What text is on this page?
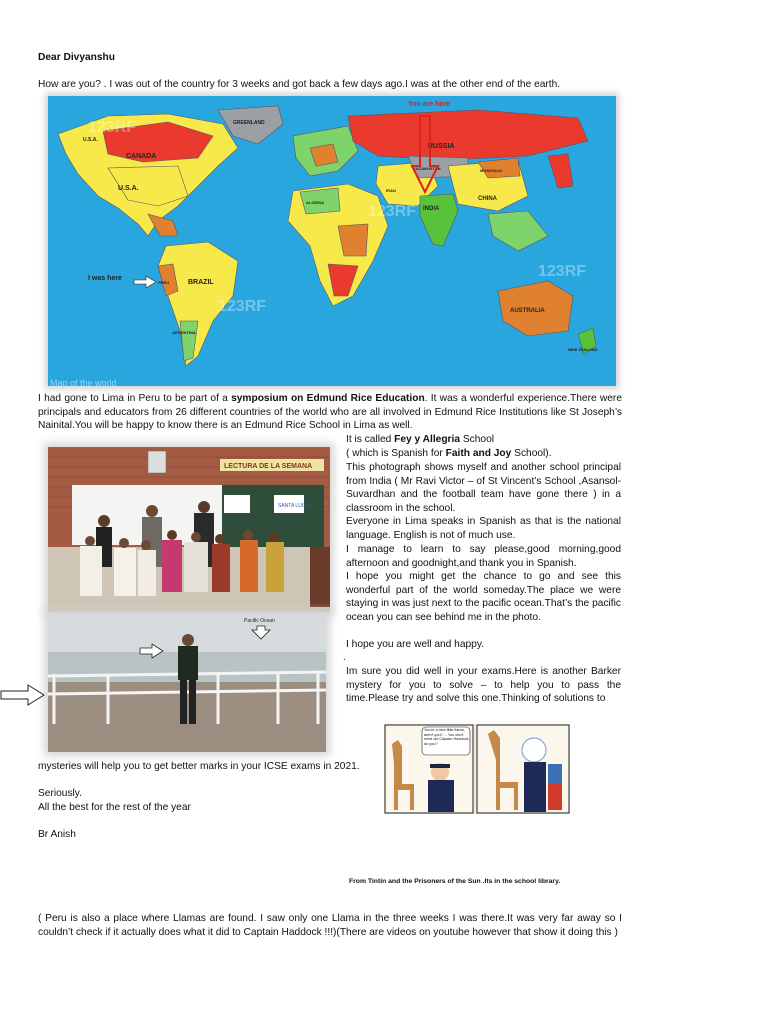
Dear Divyanshu

How are you? . I was out of the country for 3 weeks and got back a few days ago.I was at the other end of the earth.

CANADA
U.S.A.
U.S.A.
GREENLAND
RUSSIA
BRAZIL
INDIA
CHINA
AUSTRALIA
NEW ZEALAND
ARGENTINA
PERU
MONGOLIA
KAZAKHSTAN
IRAN
ALGERIA
123RF
123RF
123RF
123RF
You are here
I was here
Map of the world

I had gone to Lima in Peru to be part of a symposium on Edmund Rice Education. It was a wonderful experience.There were principals and educators from 26 different countries of the world who are all involved in Edmund Rice Institutions like St Joseph’s Nainital.You will be happy to know there is an Edmund Rice School in Lima as well.

It is called Fey y Allegria School

( which is Spanish for Faith and Joy School).

This photograph shows myself and another school principal from India ( Mr Ravi Victor – of St Vincent’s School ,Asansol- Suvardhan and the football team have gone there ) in a classroom in the school.

Everyone in Lima speaks in Spanish as that is the national language. English is not of much use.

I manage to learn to say please,good morning,good afternoon and goodnight,and thank you in Spanish.

I hope you might get the chance to go and see this wonderful part of the world someday.The place we were staying in was just next to the pacific ocean.That’s the pacific ocean you can see behind me in the photo.

I hope you are well and happy.

.

Im sure you did well in your exams.Here is another Barker mystery for you to solve – to help you to pass the time.Please try and solve this one.Thinking of solutions to

LECTURA DE LA SEMANA
SANTA LUISA
Pacific Ocean
You're a nice little llama, aren't you? ... You don't mind old Captain Haddock, do you?

mysteries will help you to get better marks in your ICSE exams in 2021.

Seriously.

All the best for the rest of the year

Br Anish

From Tintin and the Prisoners of the Sun .Its in the school library.

( Peru is also a place where Llamas are found. I saw only one Llama in the three weeks I was there.It was very far away so I couldn’t check if it actually does what it did to Captain Haddock !!!)(There are videos on youtube however that show it doing this )
